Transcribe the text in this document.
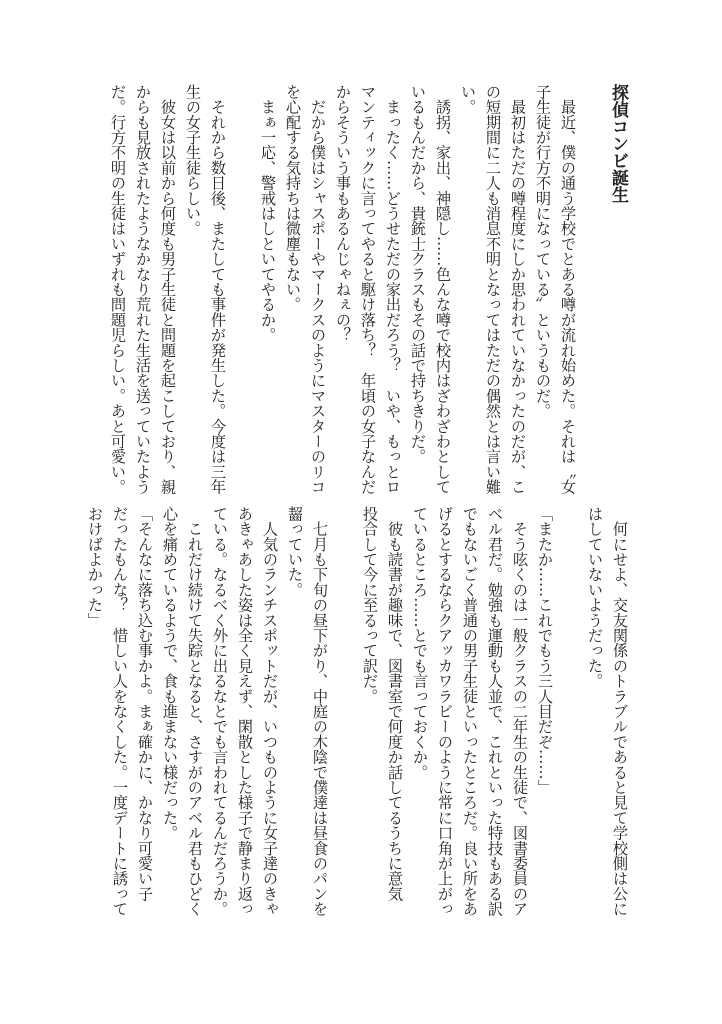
探偵コンビ誕生
　最近、僕の通う学校でとある噂が流れ始めた。それは〝女
子生徒が行方不明になっている〟というものだ。
　最初はただの噂程度にしか思われていなかったのだが、こ
の短期間に二人も消息不明となってはただの偶然とは言い難
い。
　誘拐、家出、神隠し……色んな噂で校内はざわざわとして
いるもんだから、貴銃士クラスもその話で持ちきりだ。
　まったく……どうせただの家出だろう？　いや、もっとロ
マンティックに言ってやると駆け落ち？　年頃の女子なんだ
からそういう事もあるんじゃねぇの？
　だから僕はシャスポーやマークスのようにマスターのリコ
を心配する気持ちは微塵もない。
　まぁ一応、警戒はしといてやるか。
　それから数日後、またしても事件が発生した。今度は三年
生の女子生徒らしい。
　彼女は以前から何度も男子生徒と問題を起こしており、親
からも見放されたようなかなり荒れた生活を送っていたよう
だ。行方不明の生徒はいずれも問題児らしい。あと可愛い。
　何にせよ、交友関係のトラブルであると見て学校側は公に
はしていないようだった。
「またか……これでもう三人目だぞ……」
　そう呟くのは一般クラスの二年生の生徒で、図書委員のア
ベル君だ。勉強も運動も人並で、これといった特技もある訳
でもないごく普通の男子生徒といったところだ。良い所をあ
げるとするならクアッカワラビーのように常に口角が上がっ
ているところ……とでも言っておくか。
　彼も読書が趣味で、図書室で何度か話してるうちに意気
投合して今に至るって訳だ。
　七月も下旬の昼下がり、中庭の木陰で僕達は昼食のパンを
齧っていた。
　人気のランチスポットだが、いつものように女子達のきゃ
あきゃあした姿は全く見えず、閑散とした様子で静まり返っ
ている。なるべく外に出るなとでも言われてるんだろうか。
　これだけ続けて失踪となると、さすがのアベル君もひどく
心を痛めているようで、食も進まない様だった。
「そんなに落ち込む事かよ。まぁ確かに、かなり可愛い子
だったもんな？　惜しい人をなくした。一度デートに誘って
おけばよかった」
